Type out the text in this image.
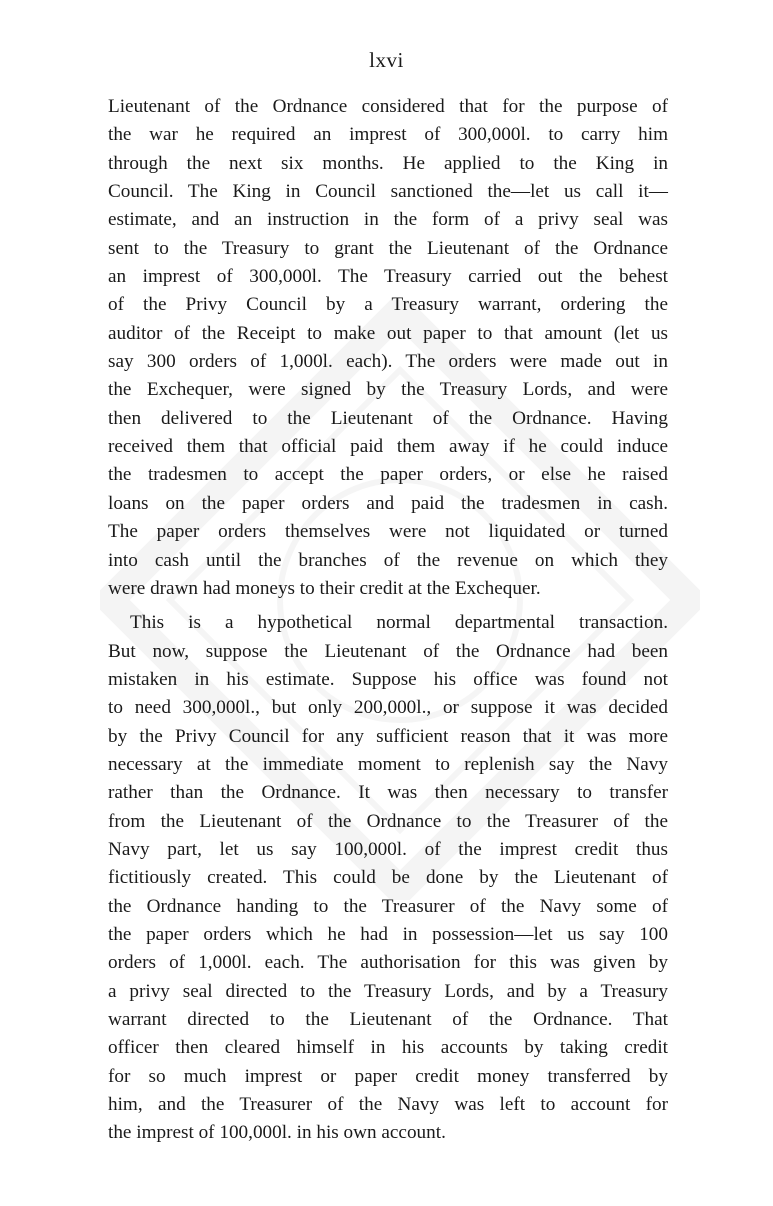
lxvi

Lieutenant of the Ordnance considered that for the purpose of
the war he required an imprest of 300,000l. to carry him
through the next six months. He applied to the King in
Council. The King in Council sanctioned the—let us call it—
estimate, and an instruction in the form of a privy seal was
sent to the Treasury to grant the Lieutenant of the Ordnance
an imprest of 300,000l. The Treasury carried out the behest
of the Privy Council by a Treasury warrant, ordering the
auditor of the Receipt to make out paper to that amount (let us
say 300 orders of 1,000l. each). The orders were made out in
the Exchequer, were signed by the Treasury Lords, and were
then delivered to the Lieutenant of the Ordnance. Having
received them that official paid them away if he could induce
the tradesmen to accept the paper orders, or else he raised
loans on the paper orders and paid the tradesmen in cash.
The paper orders themselves were not liquidated or turned
into cash until the branches of the revenue on which they
were drawn had moneys to their credit at the Exchequer.

This is a hypothetical normal departmental transaction.
But now, suppose the Lieutenant of the Ordnance had been
mistaken in his estimate. Suppose his office was found not
to need 300,000l., but only 200,000l., or suppose it was decided
by the Privy Council for any sufficient reason that it was more
necessary at the immediate moment to replenish say the Navy
rather than the Ordnance. It was then necessary to transfer
from the Lieutenant of the Ordnance to the Treasurer of the
Navy part, let us say 100,000l. of the imprest credit thus
fictitiously created. This could be done by the Lieutenant of
the Ordnance handing to the Treasurer of the Navy some of
the paper orders which he had in possession—let us say 100
orders of 1,000l. each. The authorisation for this was given by
a privy seal directed to the Treasury Lords, and by a Treasury
warrant directed to the Lieutenant of the Ordnance. That
officer then cleared himself in his accounts by taking credit
for so much imprest or paper credit money transferred by
him, and the Treasurer of the Navy was left to account for
the imprest of 100,000l. in his own account.
